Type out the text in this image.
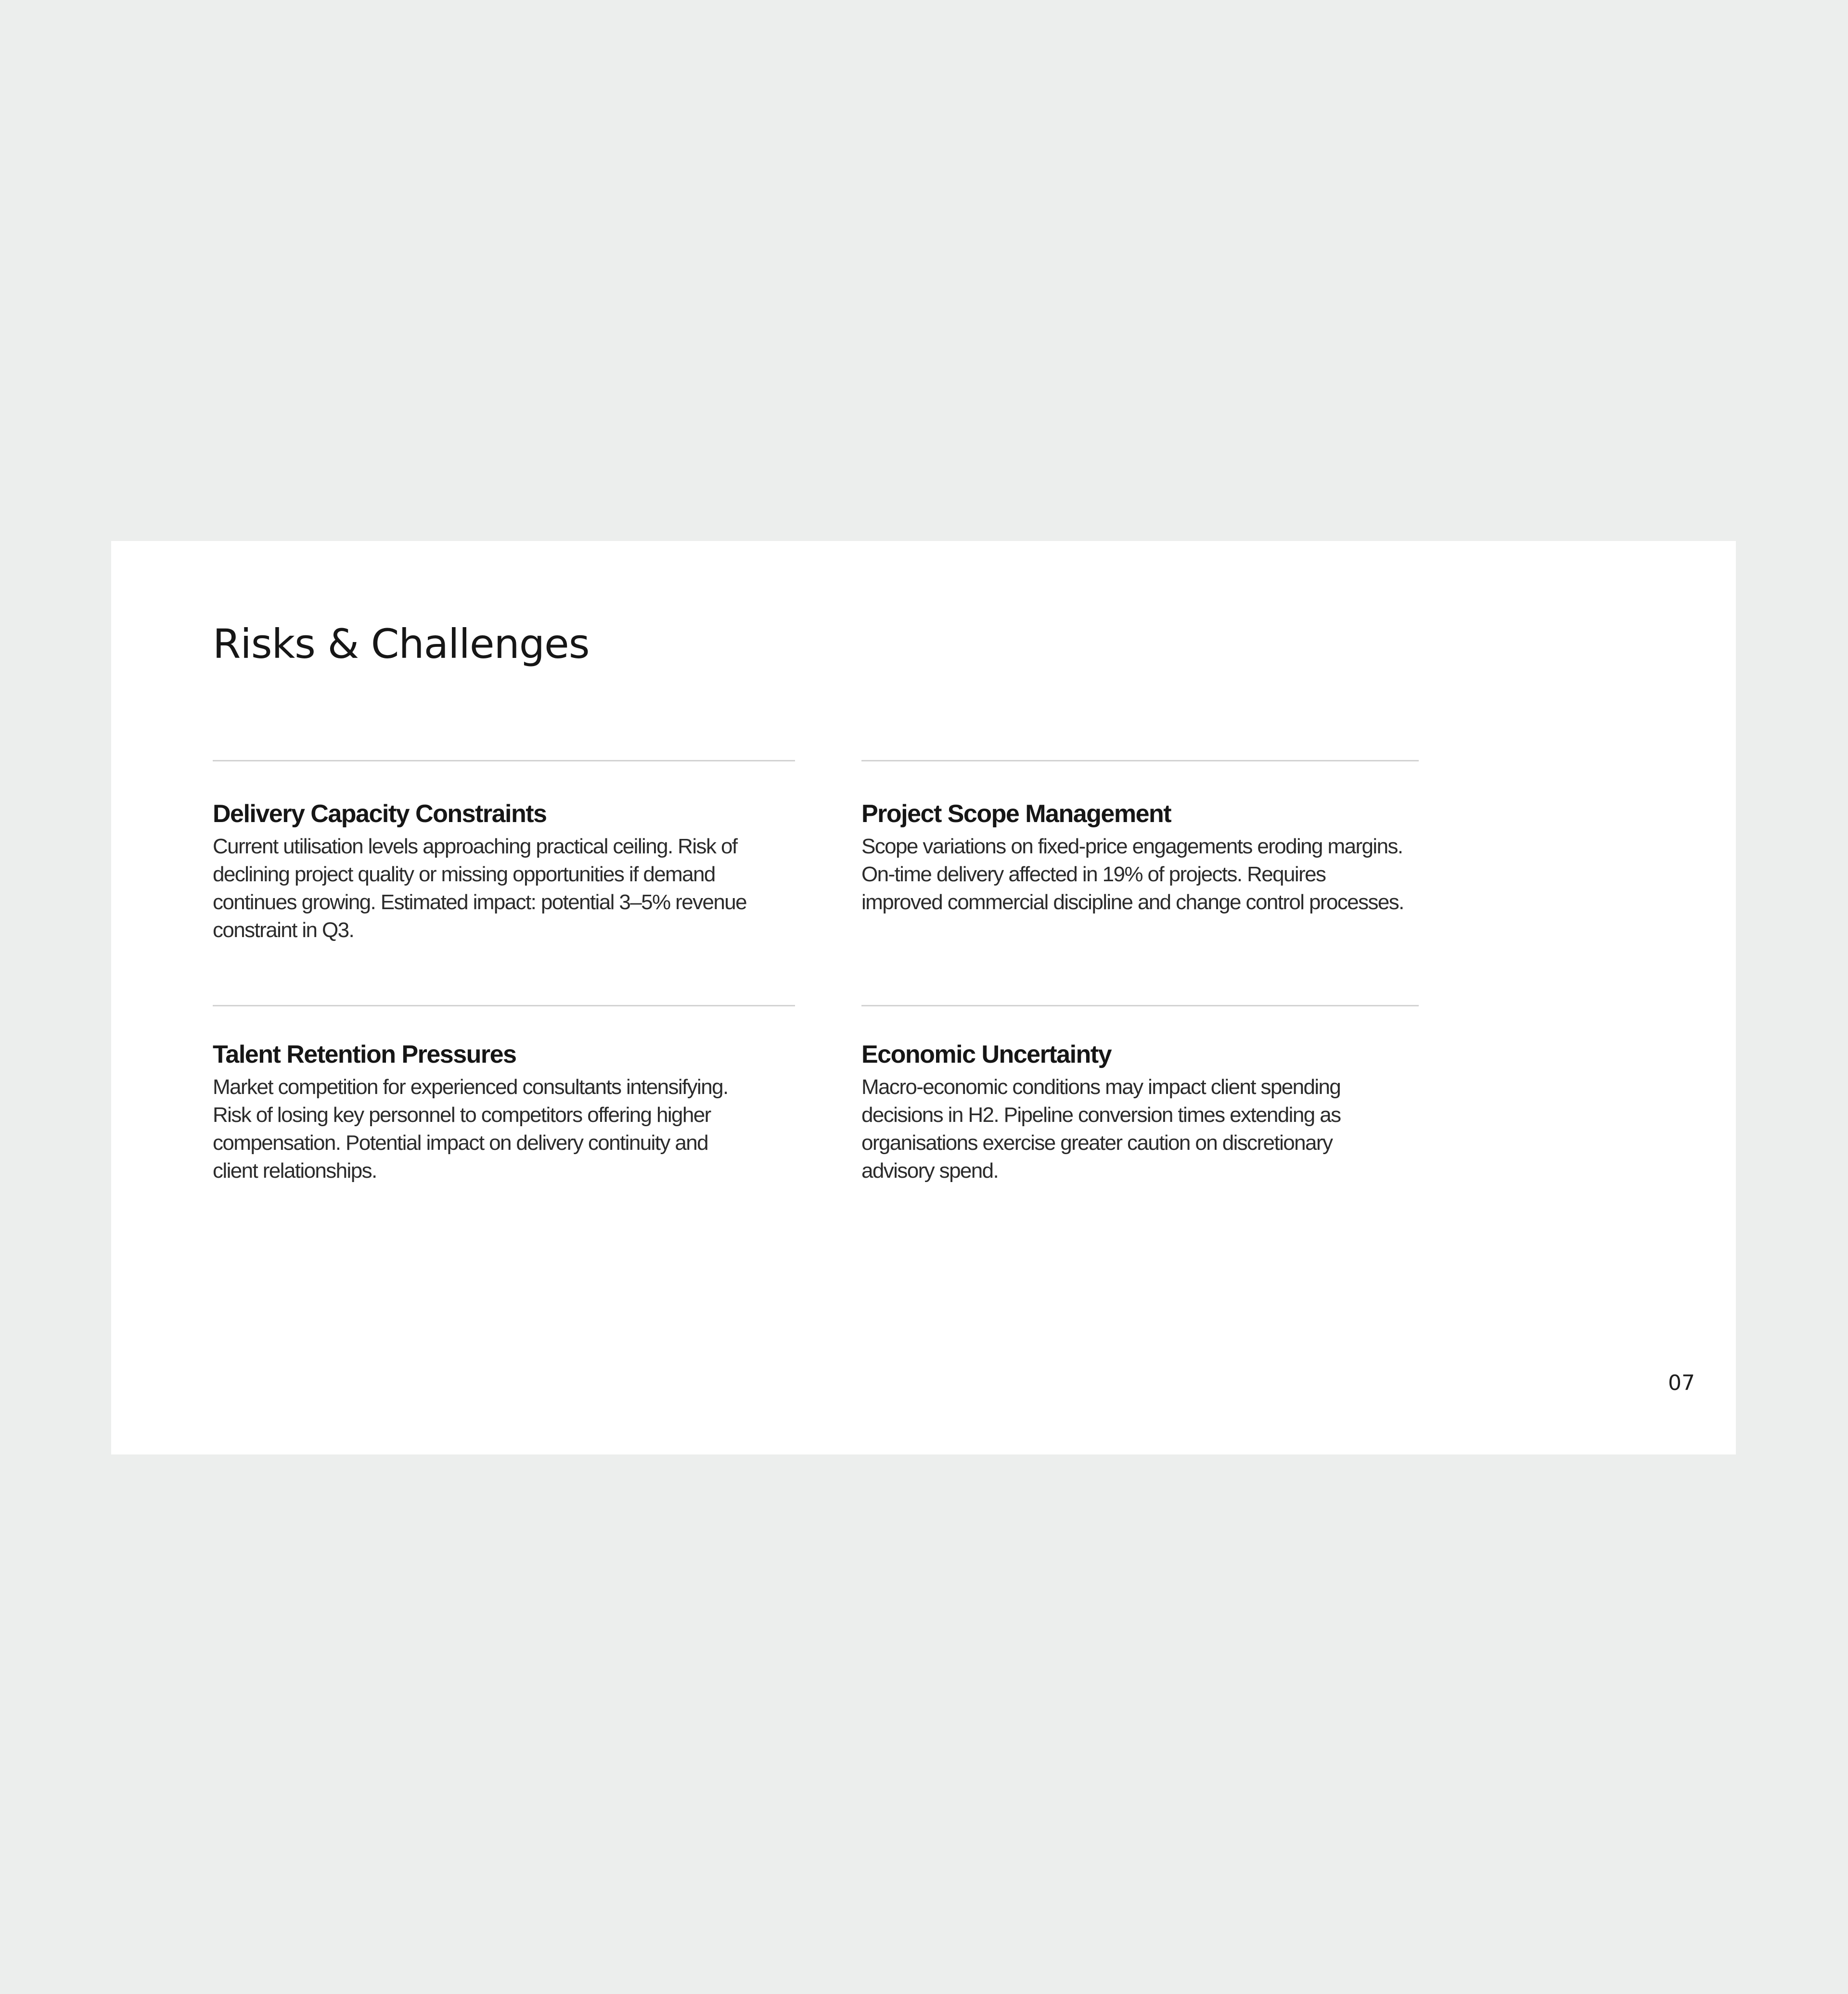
Risks & Challenges
Delivery Capacity Constraints

Current utilisation levels approaching practical ceiling. Risk of declining project quality or missing opportunities if demand continues growing. Estimated impact: potential 3–5% revenue constraint in Q3.

Project Scope Management

Scope variations on fixed-price engagements eroding margins. On-time delivery affected in 19% of projects. Requires improved commercial discipline and change control processes.

Talent Retention Pressures

Market competition for experienced consultants intensifying. Risk of losing key personnel to competitors offering higher compensation. Potential impact on delivery continuity and client relationships.

Economic Uncertainty

Macro-economic conditions may impact client spending decisions in H2. Pipeline conversion times extending as organisations exercise greater caution on discretionary advisory spend.

07
